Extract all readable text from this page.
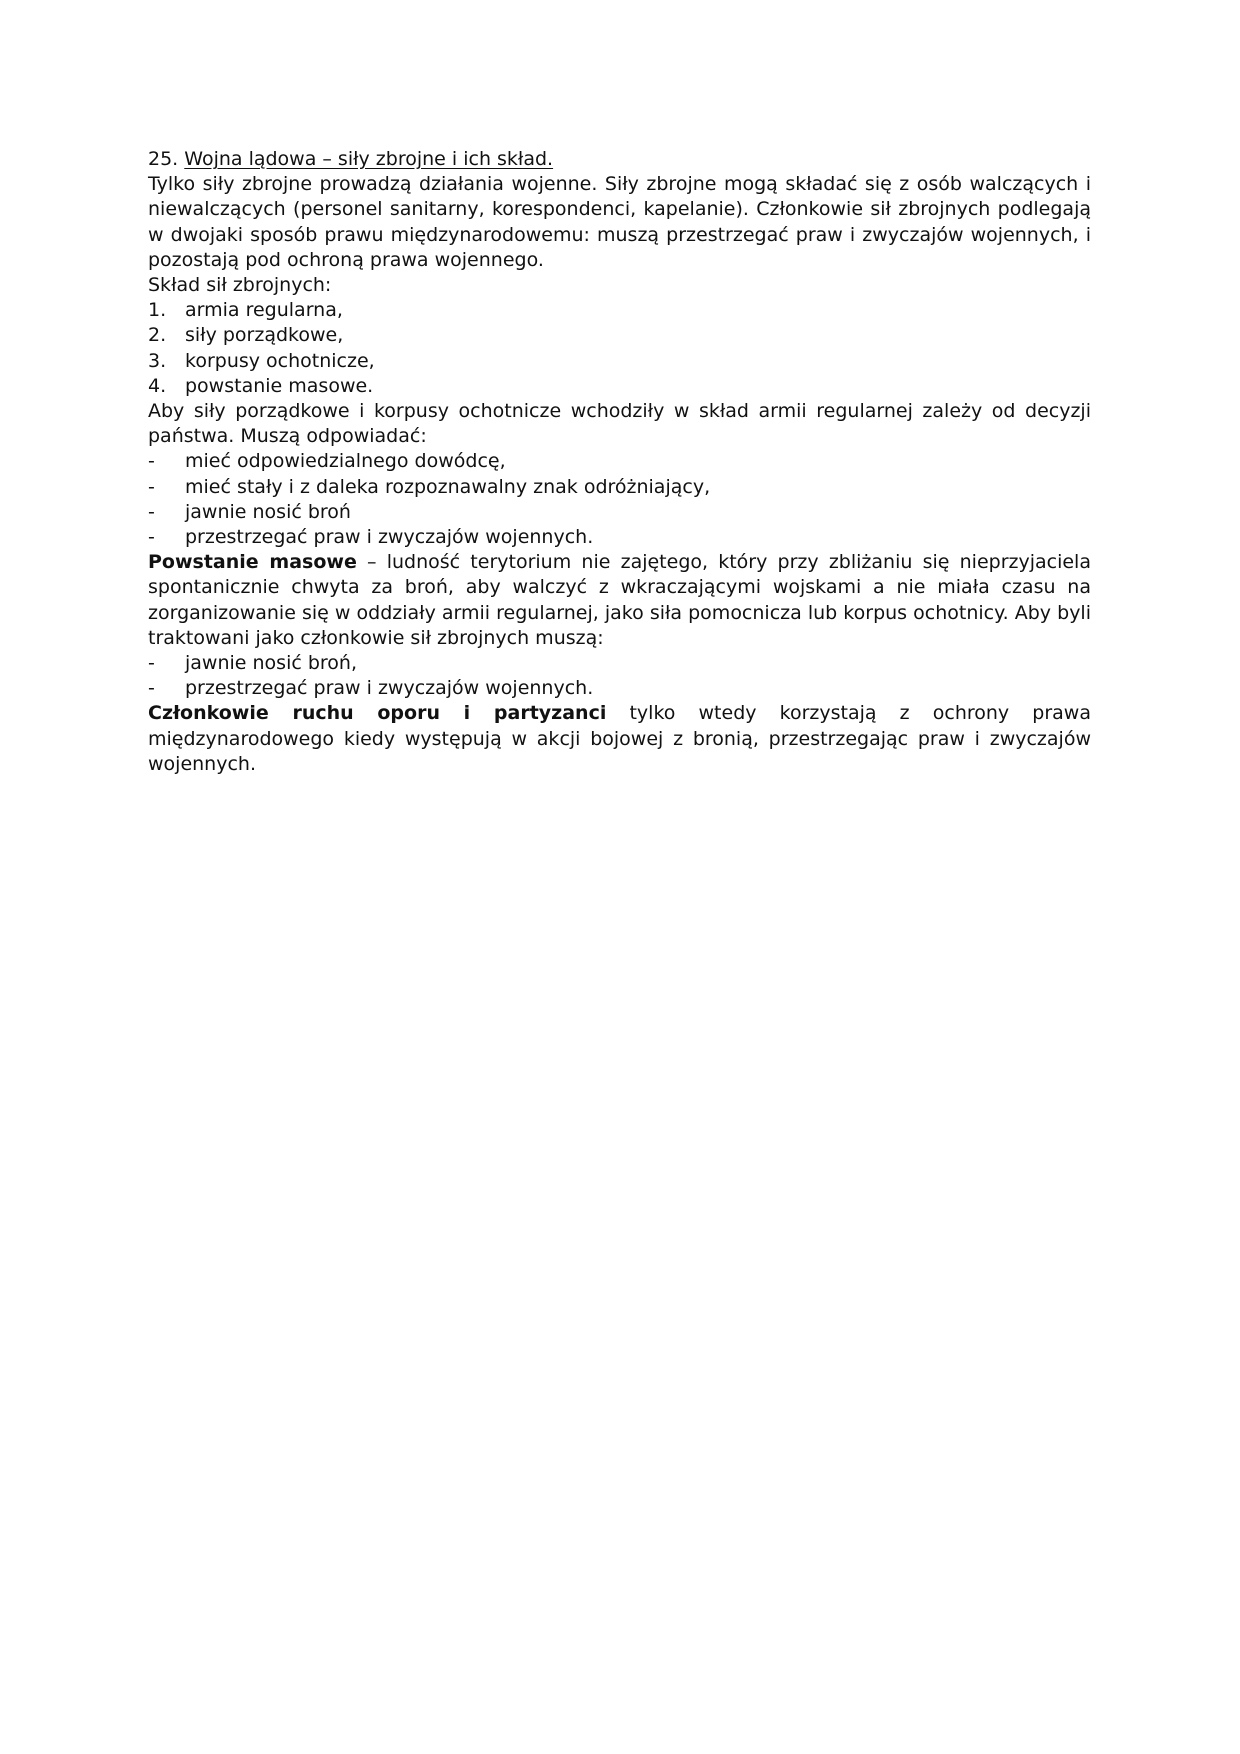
25. Wojna lądowa – siły zbrojne i ich skład.

Tylko siły zbrojne prowadzą działania wojenne. Siły zbrojne mogą składać się z osób walczących i niewalczących (personel sanitarny, korespondenci, kapelanie). Członkowie sił zbrojnych podlegają w dwojaki sposób prawu międzynarodowemu: muszą przestrzegać praw i zwyczajów wojennych, i pozostają pod ochroną prawa wojennego.

Skład sił zbrojnych:

1. armia regularna,
2. siły porządkowe,
3. korpusy ochotnicze,
4. powstanie masowe.

Aby siły porządkowe i korpusy ochotnicze wchodziły w skład armii regularnej zależy od decyzji państwa. Muszą odpowiadać:

-	mieć odpowiedzialnego dowódcę,
-	mieć stały i z daleka rozpoznawalny znak odróżniający,
-	jawnie nosić broń
-	przestrzegać praw i zwyczajów wojennych.

Powstanie masowe – ludność terytorium nie zajętego, który przy zbliżaniu się nieprzyjaciela spontanicznie chwyta za broń, aby walczyć z wkraczającymi wojskami a nie miała czasu na zorganizowanie się w oddziały armii regularnej, jako siła pomocnicza lub korpus ochotnicy. Aby byli traktowani jako członkowie sił zbrojnych muszą:

-	jawnie nosić broń,
-	przestrzegać praw i zwyczajów wojennych.

Członkowie ruchu oporu i partyzanci tylko wtedy korzystają z ochrony prawa międzynarodowego kiedy występują w akcji bojowej z bronią, przestrzegając praw i zwyczajów wojennych.
